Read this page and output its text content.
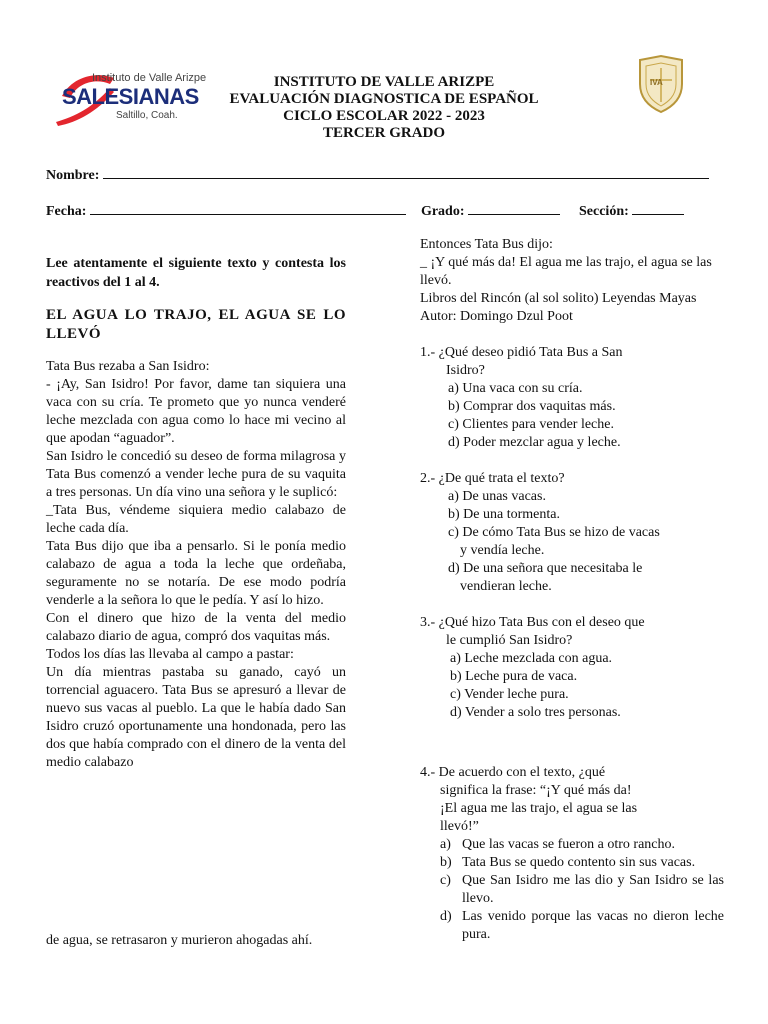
Instituto de Valle Arizpe
SALESIANAS
Saltillo, Coah.
INSTITUTO DE VALLE ARIZPE
EVALUACIÓN DIAGNOSTICA DE ESPAÑOL
CICLO ESCOLAR 2022 - 2023
TERCER GRADO
IVA
Nombre:
Fecha:	Grado:	Sección:
Lee atentamente el siguiente texto y contesta los reactivos del 1 al 4.
EL AGUA LO TRAJO, EL AGUA SE LO LLEVÓ
Tata Bus rezaba a San Isidro:
- ¡Ay, San Isidro! Por favor, dame tan siquiera una vaca con su cría. Te prometo que yo nunca venderé leche mezclada con agua como lo hace mi vecino al que apodan “aguador”.
San Isidro le concedió su deseo de forma milagrosa y Tata Bus comenzó a vender leche pura de su vaquita a tres personas. Un día vino una señora y le suplicó:
_Tata Bus, véndeme siquiera medio calabazo de leche cada día.
Tata Bus dijo que iba a pensarlo. Si le ponía medio calabazo de agua a toda la leche que ordeñaba, seguramente no se notaría. De ese modo podría venderle a la señora lo que le pedía. Y así lo hizo.
Con el dinero que hizo de la venta del medio calabazo diario de agua, compró dos vaquitas más.
Todos los días las llevaba al campo a pastar:
Un día mientras pastaba su ganado, cayó un torrencial aguacero. Tata Bus se apresuró a llevar de nuevo sus vacas al pueblo. La que le había dado San Isidro cruzó oportunamente una hondonada, pero las dos que había comprado con el dinero de la venta del medio calabazo
de agua, se retrasaron y murieron ahogadas ahí.
Entonces Tata Bus dijo:
_ ¡Y qué más da! El agua me las trajo, el agua se las llevó.
Libros del Rincón (al sol solito) Leyendas Mayas
Autor: Domingo Dzul Poot
1.- ¿Qué deseo pidió Tata Bus a San
Isidro?
a) Una vaca con su cría.
b) Comprar dos vaquitas más.
c) Clientes para vender leche.
d) Poder mezclar agua y leche.
2.- ¿De qué trata el texto?
a) De unas vacas.
b) De una tormenta.
c) De cómo Tata Bus se hizo de vacas
y vendía leche.
d) De una señora que necesitaba le
vendieran leche.
3.- ¿Qué hizo Tata Bus con el deseo que
le cumplió San Isidro?
a) Leche mezclada con agua.
b) Leche pura de vaca.
c) Vender leche pura.
d) Vender a solo tres personas.
4.- De acuerdo con el texto, ¿qué
significa la frase: “¡Y qué más da! ¡El agua me las trajo, el agua se las llevó!”
a) Que las vacas se fueron a otro rancho.
b) Tata Bus se quedo contento sin sus vacas.
c) Que San Isidro me las dio y San Isidro se las llevo.
d) Las venido porque las vacas no dieron leche pura.
